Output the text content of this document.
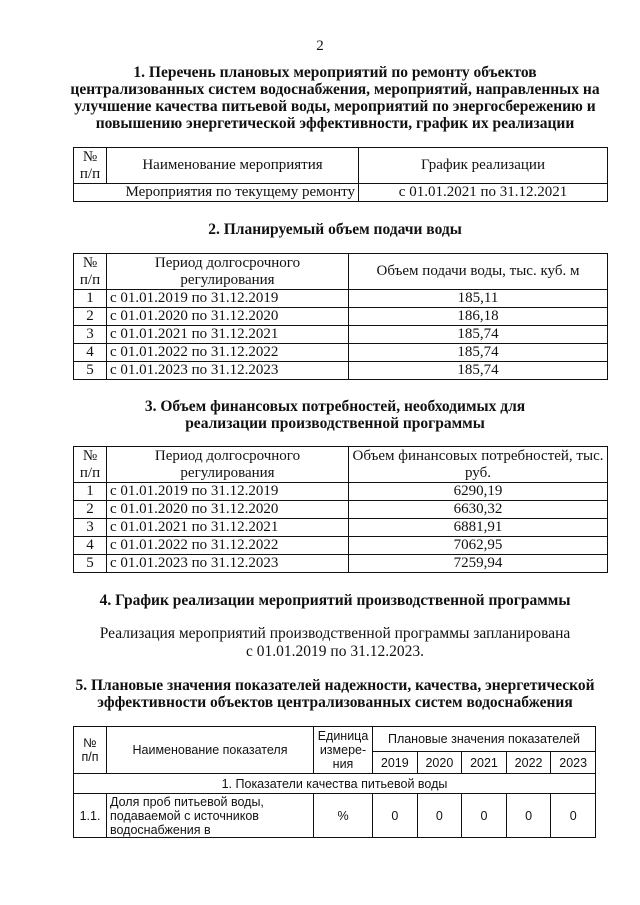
2
1. Перечень плановых мероприятий по ремонту объектов
централизованных систем водоснабжения, мероприятий, направленных на
улучшение качества питьевой воды, мероприятий по энергосбережению и
повышению энергетической эффективности, график их реализации
№ п/п	Наименование мероприятия	График реализации
Мероприятия по текущему ремонту		с 01.01.2021 по 31.12.2021
2. Планируемый объем подачи воды
№ п/п	Период долгосрочного регулирования	Объем подачи воды, тыс. куб. м
1	с 01.01.2019 по 31.12.2019	185,11
2	с 01.01.2020 по 31.12.2020	186,18
3	с 01.01.2021 по 31.12.2021	185,74
4	с 01.01.2022 по 31.12.2022	185,74
5	с 01.01.2023 по 31.12.2023	185,74
3. Объем финансовых потребностей, необходимых для
реализации производственной программы
№ п/п	Период долгосрочного регулирования	Объем финансовых потребностей, тыс. руб.
1	с 01.01.2019 по 31.12.2019	6290,19
2	с 01.01.2020 по 31.12.2020	6630,32
3	с 01.01.2021 по 31.12.2021	6881,91
4	с 01.01.2022 по 31.12.2022	7062,95
5	с 01.01.2023 по 31.12.2023	7259,94
4. График реализации мероприятий производственной программы
Реализация мероприятий производственной программы запланирована
с 01.01.2019 по 31.12.2023.
5. Плановые значения показателей надежности, качества, энергетической
эффективности объектов централизованных систем водоснабжения
№ п/п	Наименование показателя	Единица измере-ния	Плановые значения показателей				
			2019	2020	2021	2022	2023
1. Показатели качества питьевой воды							
1.1.	Доля проб питьевой воды, подаваемой с источников водоснабжения в	%	0	0	0	0	0
